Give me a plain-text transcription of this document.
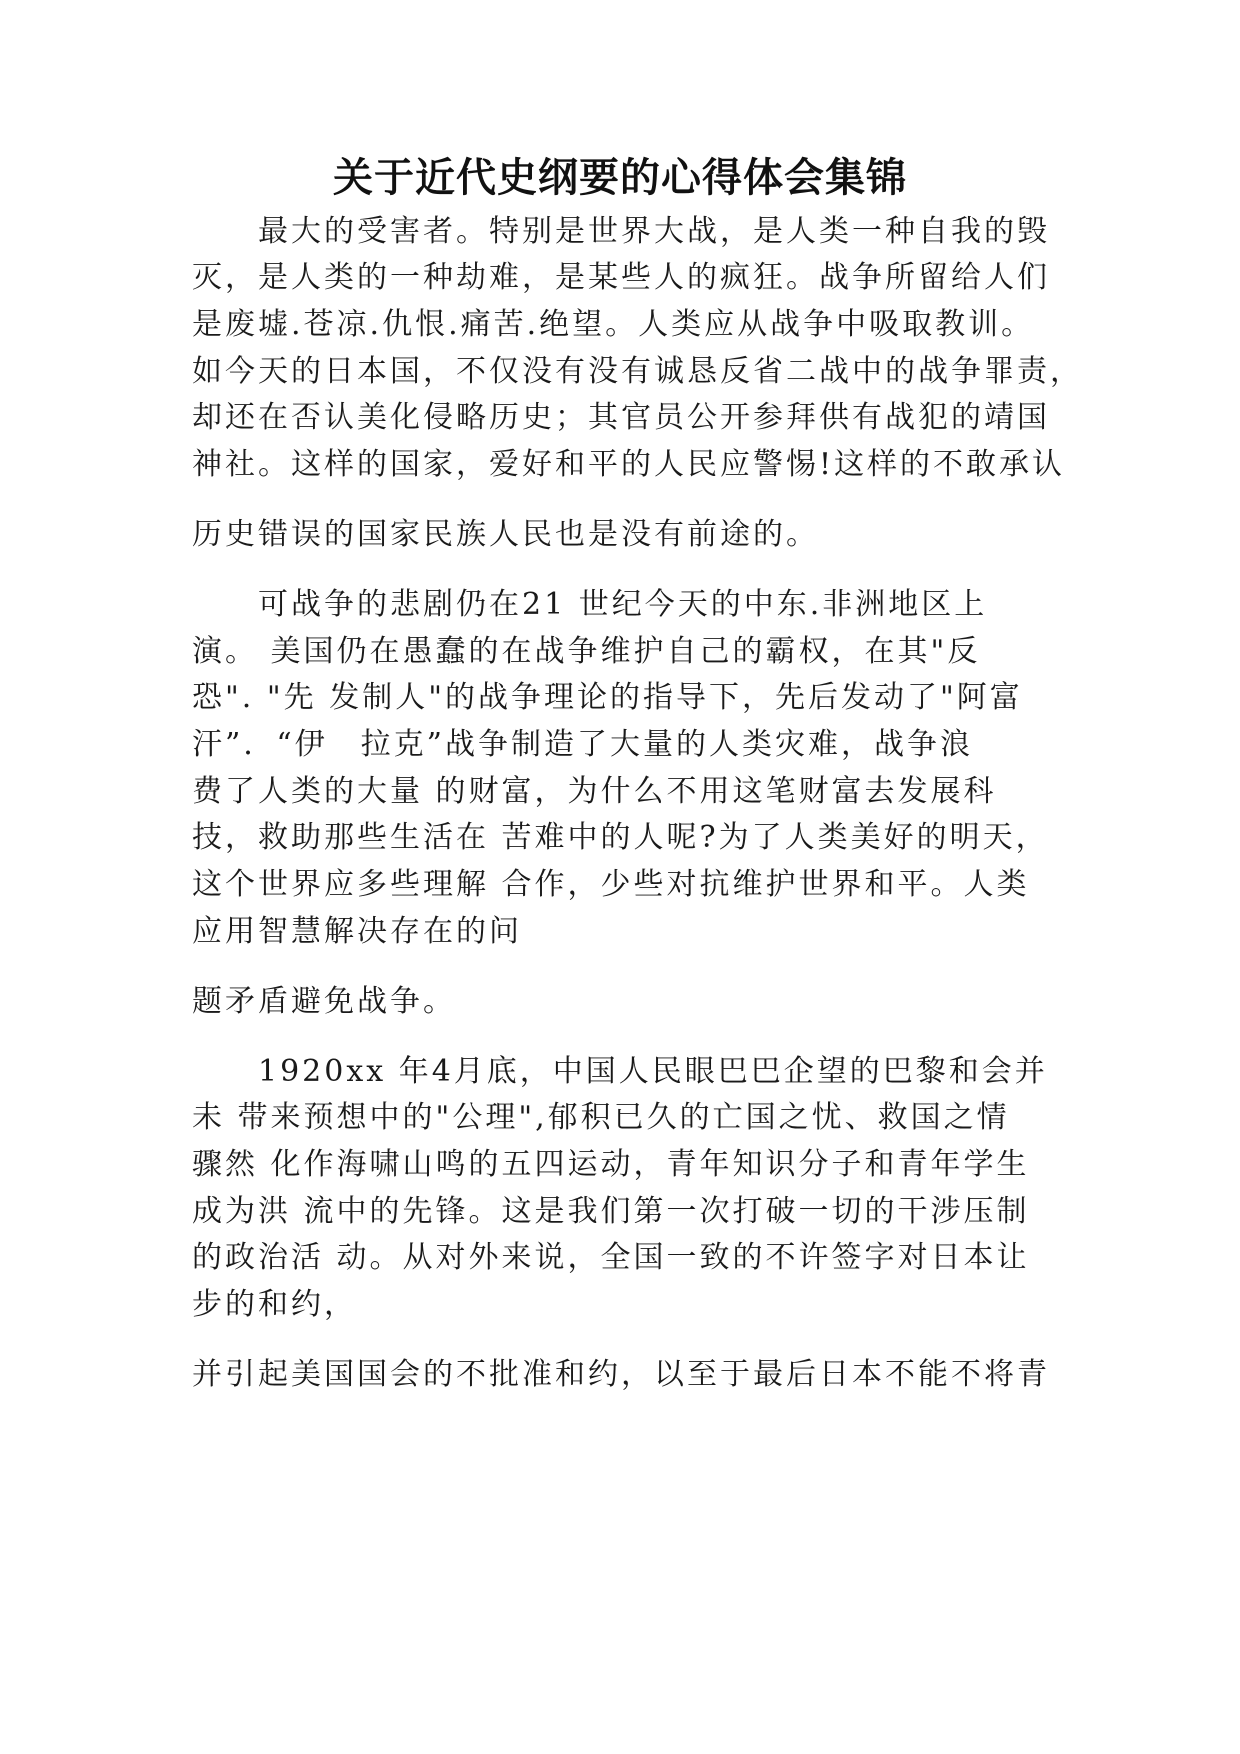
关于近代史纲要的心得体会集锦
最大的受害者。特别是世界大战，是人类一种自我的毁
灭，是人类的一种劫难，是某些人的疯狂。战争所留给人们
是废墟.苍凉.仇恨.痛苦.绝望。人类应从战争中吸取教训。
如今天的日本国，不仅没有没有诚恳反省二战中的战争罪责，
却还在否认美化侵略历史；其官员公开参拜供有战犯的靖国
神社。这样的国家，爱好和平的人民应警惕!这样的不敢承认
历史错误的国家民族人民也是没有前途的。
可战争的悲剧仍在21 世纪今天的中东.非洲地区上
演。 美国仍在愚蠢的在战争维护自己的霸权，在其"反
恐". "先 发制人"的战争理论的指导下，先后发动了"阿富
汗”．“伊　拉克”战争制造了大量的人类灾难，战争浪
费了人类的大量 的财富，为什么不用这笔财富去发展科
技，救助那些生活在 苦难中的人呢?为了人类美好的明天，
这个世界应多些理解 合作，少些对抗维护世界和平。人类
应用智慧解决存在的问
题矛盾避免战争。
1920xx 年4月底，中国人民眼巴巴企望的巴黎和会并
未 带来预想中的"公理",郁积已久的亡国之忧、救国之情
骤然 化作海啸山鸣的五四运动，青年知识分子和青年学生
成为洪 流中的先锋。这是我们第一次打破一切的干涉压制
的政治活 动。从对外来说，全国一致的不许签字对日本让
步的和约，
并引起美国国会的不批准和约，以至于最后日本不能不将青
